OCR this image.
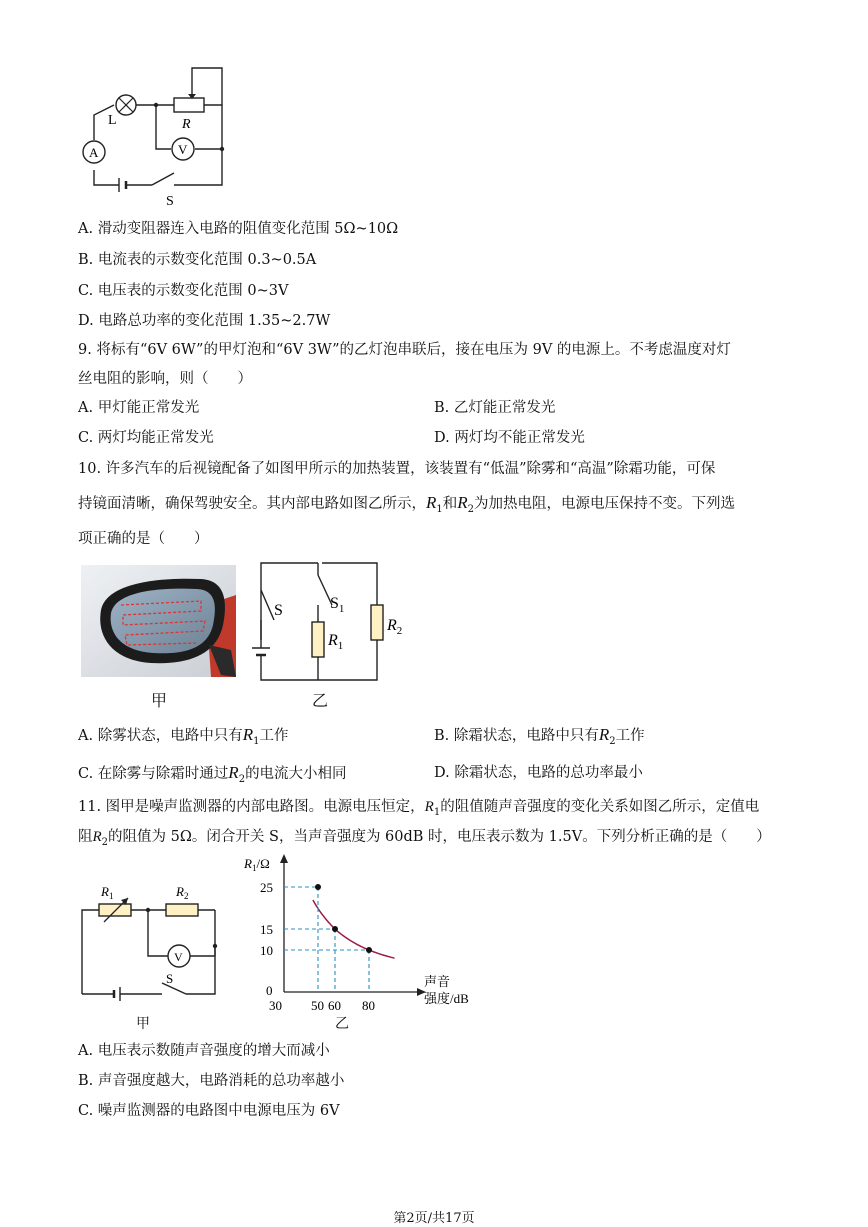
L	R
A	V
S
A. 滑动变阻器连入电路的阻值变化范围 5Ω~10Ω
B. 电流表的示数变化范围 0.3~0.5A
C. 电压表的示数变化范围 0~3V
D. 电路总功率的变化范围 1.35~2.7W
9. 将标有“6V 6W”的甲灯泡和“6V 3W”的乙灯泡串联后，接在电压为 9V 的电源上。不考虑温度对灯
丝电阻的影响，则（　　）
A. 甲灯能正常发光	B. 乙灯能正常发光
C. 两灯均能正常发光	D. 两灯均不能正常发光
10. 许多汽车的后视镜配备了如图甲所示的加热装置，该装置有“低温”除雾和“高温”除霜功能，可保
持镜面清晰，确保驾驶安全。其内部电路如图乙所示，$R_1$和$R_2$为加热电阻，电源电压保持不变。下列选
项正确的是（　　）
甲
S	$S_1$
$R_1$
$R_2$
乙
A. 除雾状态，电路中只有$R_1$工作	B. 除霜状态，电路中只有$R_2$工作
C. 在除雾与除霜时通过$R_2$的电流大小相同	D. 除霜状态，电路的总功率最小
11. 图甲是噪声监测器的内部电路图。电源电压恒定，$R_1$的阻值随声音强度的变化关系如图乙所示，定值电
阻$R_2$的阻值为 5Ω。闭合开关 S，当声音强度为 60dB 时，电压表示数为 1.5V。下列分析正确的是（　　）
$R_1$	$R_2$
V
S
甲
$R_1/\Omega$
声音
强度/dB
0
25
15
10
30 50 60 80
乙
A. 电压表示数随声音强度的增大而减小
B. 声音强度越大，电路消耗的总功率越小
C. 噪声监测器的电路图中电源电压为 6V
第2页/共17页
